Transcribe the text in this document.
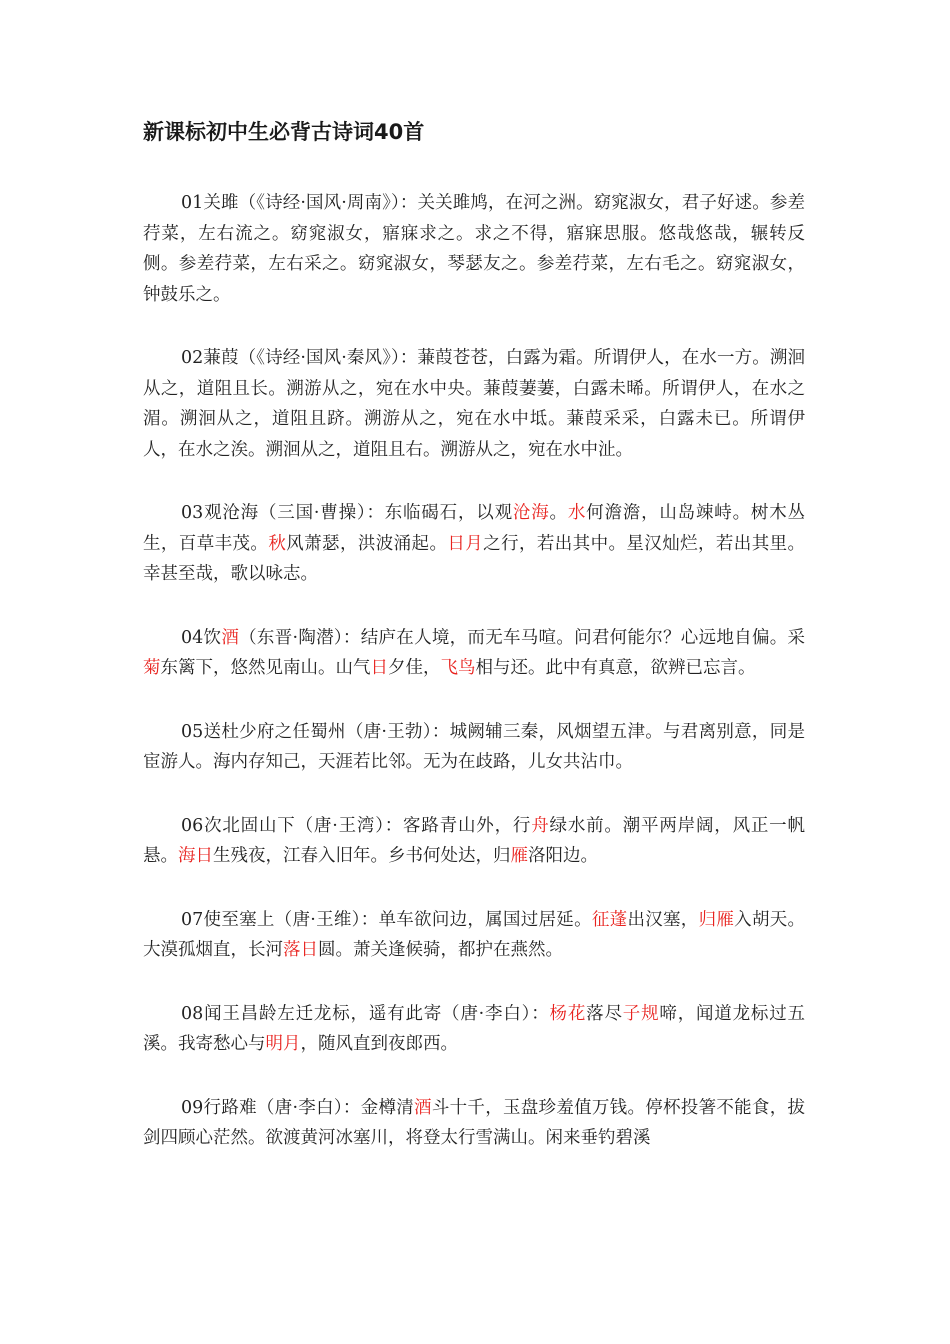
新课标初中生必背古诗词40首

01关雎（《诗经·国风·周南》）：关关雎鸠，在河之洲。窈窕淑女，君子好逑。参差荇菜，左右流之。窈窕淑女，寤寐求之。求之不得，寤寐思服。悠哉悠哉，辗转反侧。参差荇菜，左右采之。窈窕淑女，琴瑟友之。参差荇菜，左右毛之。窈窕淑女，钟鼓乐之。

02蒹葭（《诗经·国风·秦风》）：蒹葭苍苍，白露为霜。所谓伊人，在水一方。溯洄从之，道阻且长。溯游从之，宛在水中央。蒹葭萋萋，白露未晞。所谓伊人，在水之湄。溯洄从之，道阻且跻。溯游从之，宛在水中坻。蒹葭采采，白露未已。所谓伊人，在水之涘。溯洄从之，道阻且右。溯游从之，宛在水中沚。

03观沧海（三国·曹操）：东临碣石，以观沧海。水何澹澹，山岛竦峙。树木丛生，百草丰茂。秋风萧瑟，洪波涌起。日月之行，若出其中。星汉灿烂，若出其里。幸甚至哉，歌以咏志。

04饮酒（东晋·陶潜）：结庐在人境，而无车马喧。问君何能尔？心远地自偏。采菊东篱下，悠然见南山。山气日夕佳，飞鸟相与还。此中有真意，欲辨已忘言。

05送杜少府之任蜀州（唐·王勃）：城阙辅三秦，风烟望五津。与君离别意，同是宦游人。海内存知己，天涯若比邻。无为在歧路，儿女共沾巾。

06次北固山下（唐·王湾）：客路青山外，行舟绿水前。潮平两岸阔，风正一帆悬。海日生残夜，江春入旧年。乡书何处达，归雁洛阳边。

07使至塞上（唐·王维）：单车欲问边，属国过居延。征蓬出汉塞，归雁入胡天。大漠孤烟直，长河落日圆。萧关逢候骑，都护在燕然。

08闻王昌龄左迁龙标，遥有此寄（唐·李白）：杨花落尽子规啼，闻道龙标过五溪。我寄愁心与明月，随风直到夜郎西。

09行路难（唐·李白）：金樽清酒斗十千，玉盘珍羞值万钱。停杯投箸不能食，拔剑四顾心茫然。欲渡黄河冰塞川，将登太行雪满山。闲来垂钓碧溪
